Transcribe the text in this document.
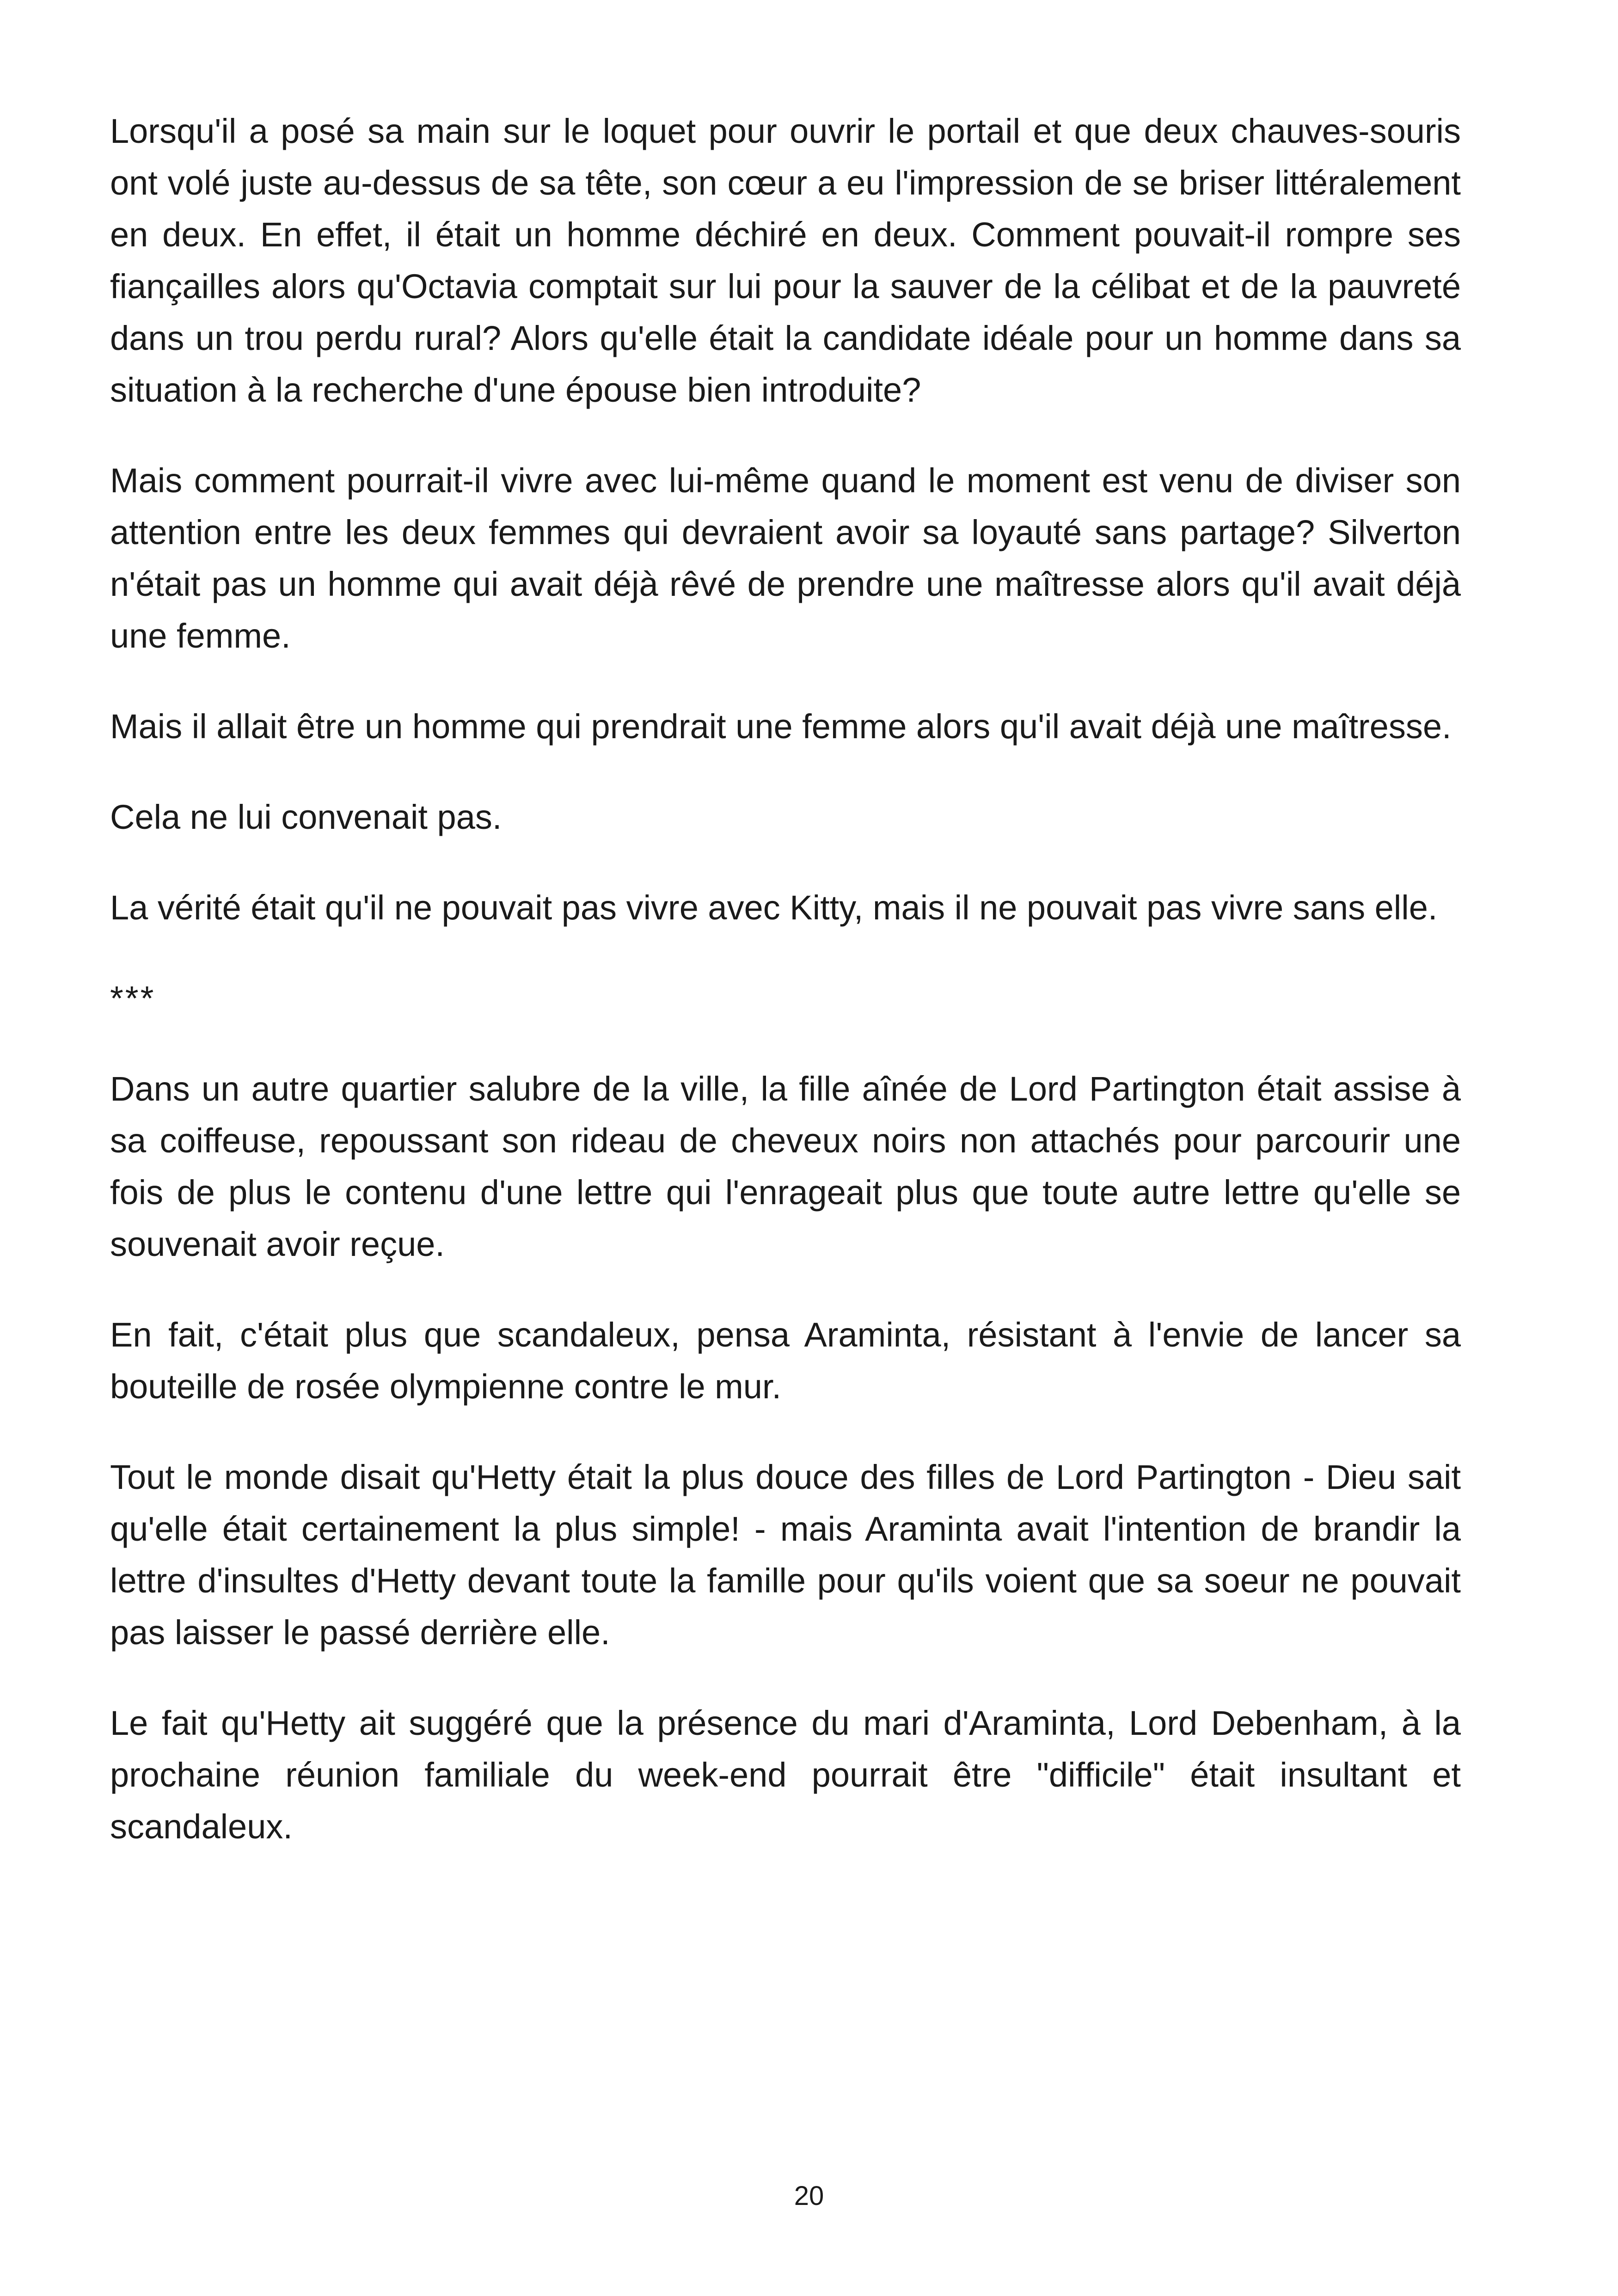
Lorsqu'il a posé sa main sur le loquet pour ouvrir le portail et que deux chauves-souris ont volé juste au-dessus de sa tête, son cœur a eu l'impression de se briser littéralement en deux. En effet, il était un homme déchiré en deux. Comment pouvait-il rompre ses fiançailles alors qu'Octavia comptait sur lui pour la sauver de la célibat et de la pauvreté dans un trou perdu rural? Alors qu'elle était la candidate idéale pour un homme dans sa situation à la recherche d'une épouse bien introduite?

Mais comment pourrait-il vivre avec lui-même quand le moment est venu de diviser son attention entre les deux femmes qui devraient avoir sa loyauté sans partage? Silverton n'était pas un homme qui avait déjà rêvé de prendre une maîtresse alors qu'il avait déjà une femme.

Mais il allait être un homme qui prendrait une femme alors qu'il avait déjà une maîtresse.

Cela ne lui convenait pas.

La vérité était qu'il ne pouvait pas vivre avec Kitty, mais il ne pouvait pas vivre sans elle.

***

Dans un autre quartier salubre de la ville, la fille aînée de Lord Partington était assise à sa coiffeuse, repoussant son rideau de cheveux noirs non attachés pour parcourir une fois de plus le contenu d'une lettre qui l'enrageait plus que toute autre lettre qu'elle se souvenait avoir reçue.

En fait, c'était plus que scandaleux, pensa Araminta, résistant à l'envie de lancer sa bouteille de rosée olympienne contre le mur.

Tout le monde disait qu'Hetty était la plus douce des filles de Lord Partington - Dieu sait qu'elle était certainement la plus simple! - mais Araminta avait l'intention de brandir la lettre d'insultes d'Hetty devant toute la famille pour qu'ils voient que sa soeur ne pouvait pas laisser le passé derrière elle.

Le fait qu'Hetty ait suggéré que la présence du mari d'Araminta, Lord Debenham, à la prochaine réunion familiale du week-end pourrait être "difficile" était insultant et scandaleux.

20
